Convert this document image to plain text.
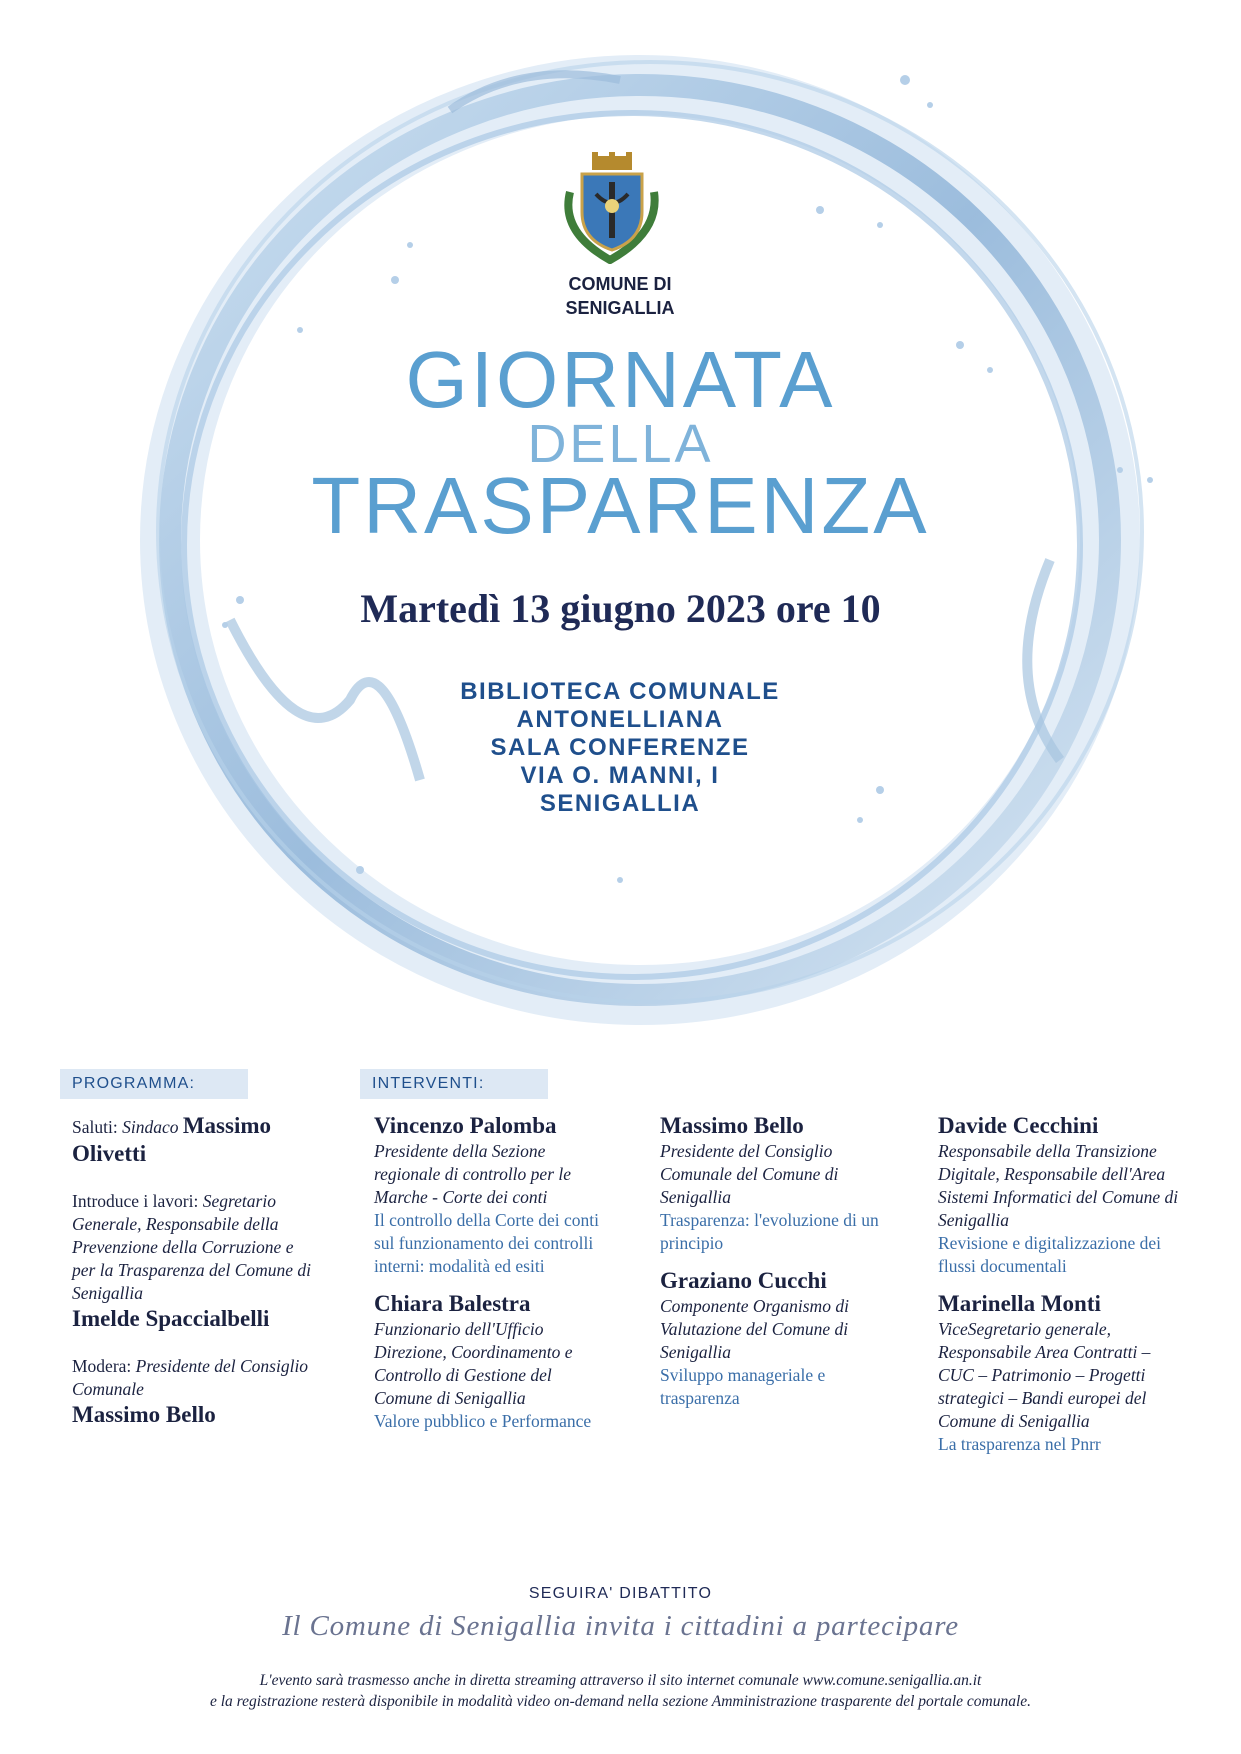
COMUNE DI
SENIGALLIA
GIORNATA
DELLA
TRASPARENZA
Martedì 13 giugno 2023 ore 10
BIBLIOTECA COMUNALE
ANTONELLIANA
SALA CONFERENZE
VIA O. MANNI, I
SENIGALLIA
PROGRAMMA:	INTERVENTI:
Saluti: Sindaco Massimo Olivetti
Introduce i lavori: Segretario Generale, Responsabile della Prevenzione della Corruzione e per la Trasparenza del Comune di Senigallia
Imelde Spaccialbelli
Modera: Presidente del Consiglio Comunale
Massimo Bello
Vincenzo Palomba
Presidente della Sezione regionale di controllo per le Marche - Corte dei conti
Il controllo della Corte dei conti sul funzionamento dei controlli interni: modalità ed esiti
Chiara Balestra
Funzionario dell'Ufficio Direzione, Coordinamento e Controllo di Gestione del Comune di Senigallia
Valore pubblico e Performance
Massimo Bello
Presidente del Consiglio Comunale del Comune di Senigallia
Trasparenza: l'evoluzione di un principio
Graziano Cucchi
Componente Organismo di Valutazione del Comune di Senigallia
Sviluppo manageriale e trasparenza
Davide Cecchini
Responsabile della Transizione Digitale, Responsabile dell'Area Sistemi Informatici del Comune di Senigallia
Revisione e digitalizzazione dei flussi documentali
Marinella Monti
ViceSegretario generale, Responsabile Area Contratti – CUC – Patrimonio – Progetti strategici – Bandi europei del Comune di Senigallia
La trasparenza nel Pnrr
SEGUIRA' DIBATTITO
Il Comune di Senigallia invita i cittadini a partecipare
L'evento sarà trasmesso anche in diretta streaming attraverso il sito internet comunale www.comune.senigallia.an.it
e la registrazione resterà disponibile in modalità video on-demand nella sezione Amministrazione trasparente del portale comunale.
